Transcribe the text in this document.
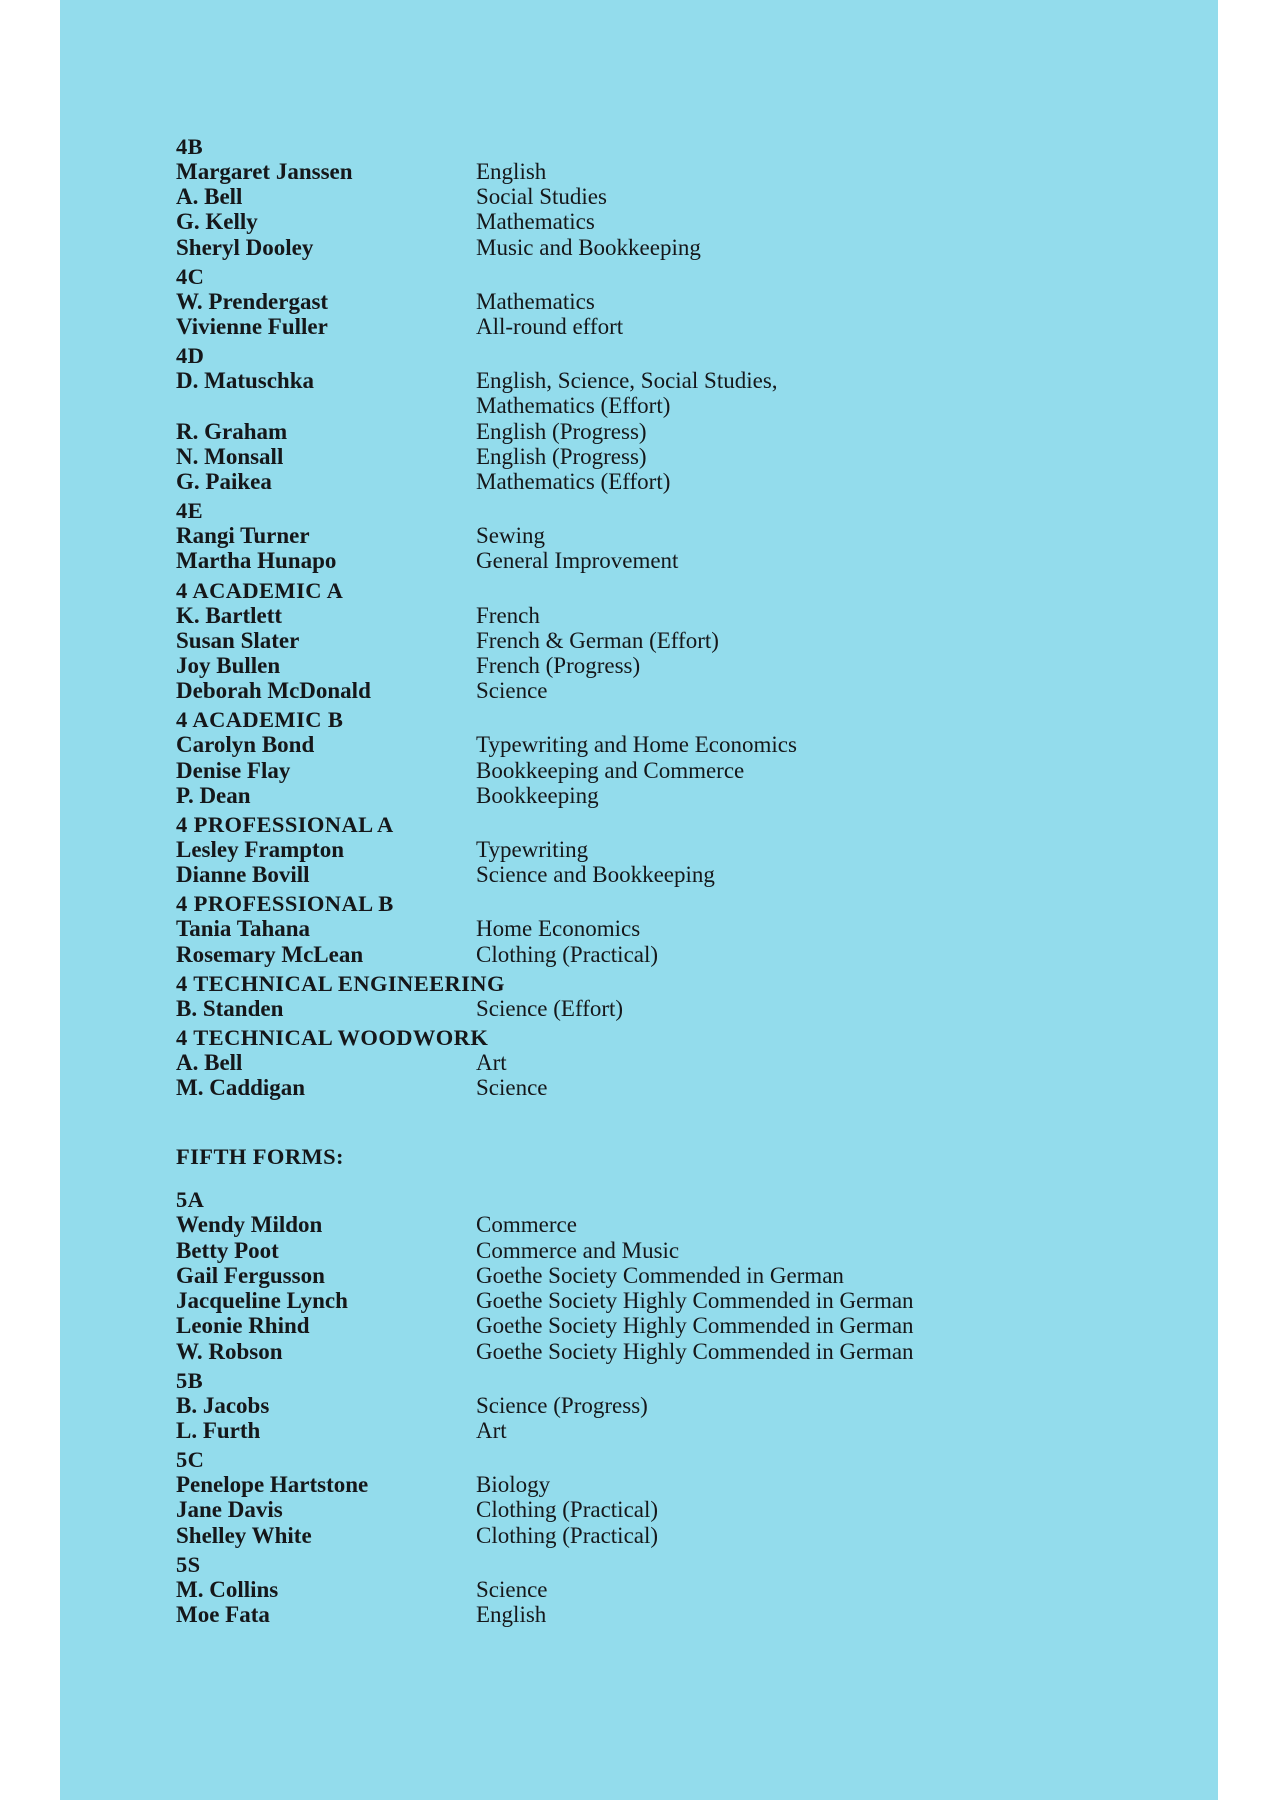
4B
Margaret Janssen	English
A. Bell	Social Studies
G. Kelly	Mathematics
Sheryl Dooley	Music and Bookkeeping
4C
W. Prendergast	Mathematics
Vivienne Fuller	All-round effort
4D
D. Matuschka	English, Science, Social Studies,
Mathematics (Effort)
R. Graham	English (Progress)
N. Monsall	English (Progress)
G. Paikea	Mathematics (Effort)
4E
Rangi Turner	Sewing
Martha Hunapo	General Improvement
4 ACADEMIC A
K. Bartlett	French
Susan Slater	French & German (Effort)
Joy Bullen	French (Progress)
Deborah McDonald	Science
4 ACADEMIC B
Carolyn Bond	Typewriting and Home Economics
Denise Flay	Bookkeeping and Commerce
P. Dean	Bookkeeping
4 PROFESSIONAL A
Lesley Frampton	Typewriting
Dianne Bovill	Science and Bookkeeping
4 PROFESSIONAL B
Tania Tahana	Home Economics
Rosemary McLean	Clothing (Practical)
4 TECHNICAL ENGINEERING
B. Standen	Science (Effort)
4 TECHNICAL WOODWORK
A. Bell	Art
M. Caddigan	Science
FIFTH FORMS:
5A
Wendy Mildon	Commerce
Betty Poot	Commerce and Music
Gail Fergusson	Goethe Society Commended in German
Jacqueline Lynch	Goethe Society Highly Commended in German
Leonie Rhind	Goethe Society Highly Commended in German
W. Robson	Goethe Society Highly Commended in German
5B
B. Jacobs	Science (Progress)
L. Furth	Art
5C
Penelope Hartstone	Biology
Jane Davis	Clothing (Practical)
Shelley White	Clothing (Practical)
5S
M. Collins	Science
Moe Fata	English
